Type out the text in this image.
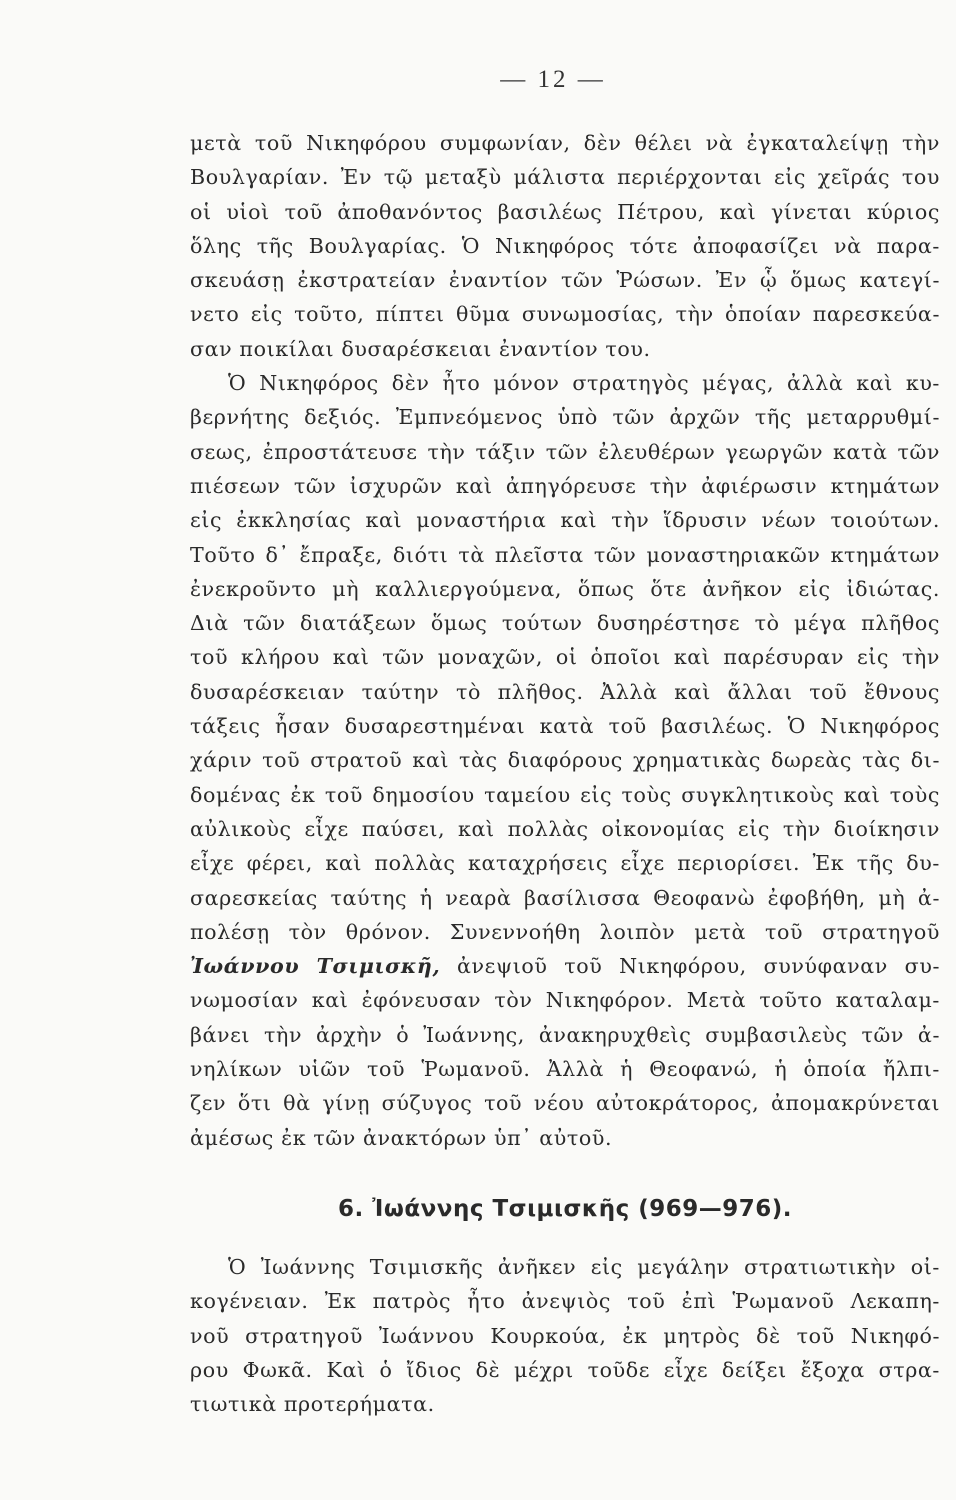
— 12 —
μετὰ τοῦ Νικηφόρου συμφωνίαν, δὲν θέλει νὰ ἐγκαταλείψῃ τὴν
Βουλγαρίαν. Ἐν τῷ μεταξὺ μάλιστα περιέρχονται εἰς χεῖράς του
οἱ υἱοὶ τοῦ ἀποθανόντος βασιλέως Πέτρου, καὶ γίνεται κύριος
ὅλης τῆς Βουλγαρίας. Ὁ Νικηφόρος τότε ἀποφασίζει νὰ παρα-
σκευάσῃ ἐκστρατείαν ἐναντίον τῶν Ῥώσων. Ἐν ᾧ ὅμως κατεγί-
νετο εἰς τοῦτο, πίπτει θῦμα συνωμοσίας, τὴν ὁποίαν παρεσκεύα-
σαν ποικίλαι δυσαρέσκειαι ἐναντίον του.
Ὁ Νικηφόρος δὲν ἦτο μόνον στρατηγὸς μέγας, ἀλλὰ καὶ κυ-
βερνήτης δεξιός. Ἐμπνεόμενος ὑπὸ τῶν ἀρχῶν τῆς μεταρρυθμί-
σεως, ἐπροστάτευσε τὴν τάξιν τῶν ἐλευθέρων γεωργῶν κατὰ τῶν
πιέσεων τῶν ἰσχυρῶν καὶ ἀπηγόρευσε τὴν ἀφιέρωσιν κτημάτων
εἰς ἐκκλησίας καὶ μοναστήρια καὶ τὴν ἵδρυσιν νέων τοιούτων.
Τοῦτο δ᾽ ἔπραξε, διότι τὰ πλεῖστα τῶν μοναστηριακῶν κτημάτων
ἐνεκροῦντο μὴ καλλιεργούμενα, ὅπως ὅτε ἀνῆκον εἰς ἰδιώτας.
Διὰ τῶν διατάξεων ὅμως τούτων δυσηρέστησε τὸ μέγα πλῆθος
τοῦ κλήρου καὶ τῶν μοναχῶν, οἱ ὁποῖοι καὶ παρέσυραν εἰς τὴν
δυσαρέσκειαν ταύτην τὸ πλῆθος. Ἀλλὰ καὶ ἄλλαι τοῦ ἔθνους
τάξεις ἦσαν δυσαρεστημέναι κατὰ τοῦ βασιλέως. Ὁ Νικηφόρος
χάριν τοῦ στρατοῦ καὶ τὰς διαφόρους χρηματικὰς δωρεὰς τὰς δι-
δομένας ἐκ τοῦ δημοσίου ταμείου εἰς τοὺς συγκλητικοὺς καὶ τοὺς
αὐλικοὺς εἶχε παύσει, καὶ πολλὰς οἰκονομίας εἰς τὴν διοίκησιν
εἶχε φέρει, καὶ πολλὰς καταχρήσεις εἶχε περιορίσει. Ἐκ τῆς δυ-
σαρεσκείας ταύτης ἡ νεαρὰ βασίλισσα Θεοφανὼ ἐφοβήθη, μὴ ἀ-
πολέσῃ τὸν θρόνον. Συνεννοήθη λοιπὸν μετὰ τοῦ στρατηγοῦ
Ἰωάννου Τσιμισκῆ, ἀνεψιοῦ τοῦ Νικηφόρου, συνύφαναν συ-
νωμοσίαν καὶ ἐφόνευσαν τὸν Νικηφόρον. Μετὰ τοῦτο καταλαμ-
βάνει τὴν ἀρχὴν ὁ Ἰωάννης, ἀνακηρυχθεὶς συμβασιλεὺς τῶν ἀ-
νηλίκων υἱῶν τοῦ Ῥωμανοῦ. Ἀλλὰ ἡ Θεοφανώ, ἡ ὁποία ἤλπι-
ζεν ὅτι θὰ γίνῃ σύζυγος τοῦ νέου αὐτοκράτορος, ἀπομακρύνεται
ἀμέσως ἐκ τῶν ἀνακτόρων ὑπ᾽ αὐτοῦ.
6. Ἰωάννης Τσιμισκῆς (969—976).
Ὁ Ἰωάννης Τσιμισκῆς ἀνῆκεν εἰς μεγάλην στρατιωτικὴν οἰ-
κογένειαν. Ἐκ πατρὸς ἦτο ἀνεψιὸς τοῦ ἐπὶ Ῥωμανοῦ Λεκαπη-
νοῦ στρατηγοῦ Ἰωάννου Κουρκούα, ἐκ μητρὸς δὲ τοῦ Νικηφό-
ρου Φωκᾶ. Καὶ ὁ ἴδιος δὲ μέχρι τοῦδε εἶχε δείξει ἔξοχα στρα-
τιωτικὰ προτερήματα.
